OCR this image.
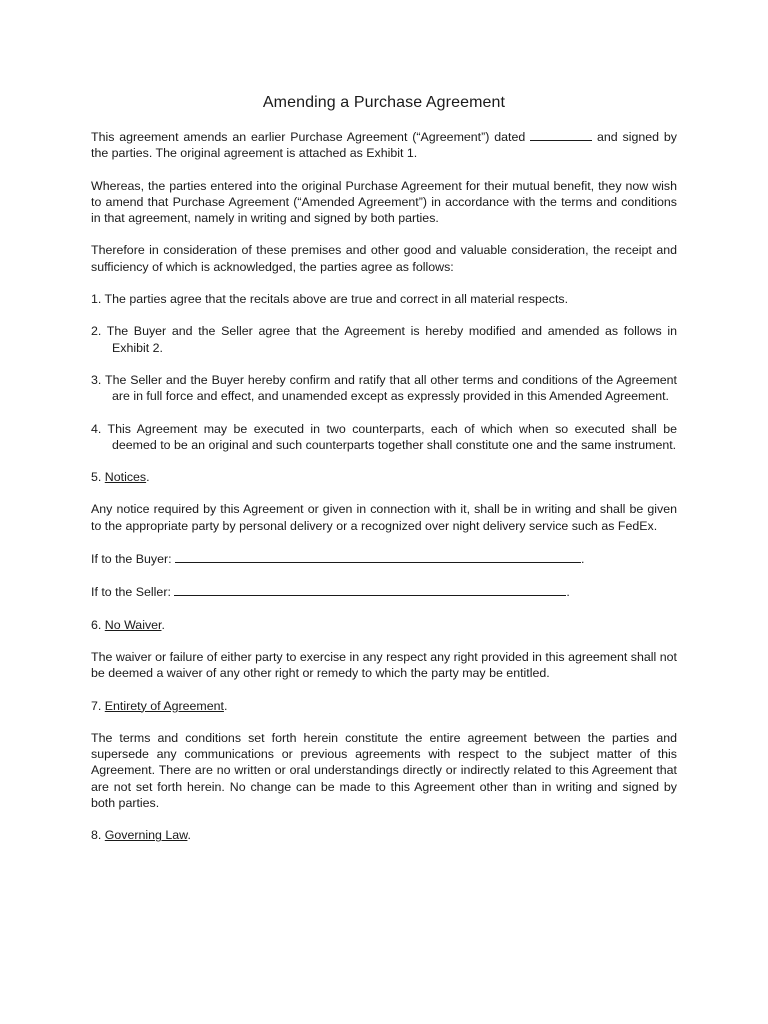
Amending a Purchase Agreement

This agreement amends an earlier Purchase Agreement (“Agreement”) dated	and signed by the parties. The original agreement is attached as Exhibit 1.

Whereas, the parties entered into the original Purchase Agreement for their mutual benefit, they now wish to amend that Purchase Agreement (“Amended Agreement”) in accordance with the terms and conditions in that agreement, namely in writing and signed by both parties.

Therefore in consideration of these premises and other good and valuable consideration, the receipt and sufficiency of which is acknowledged, the parties agree as follows:

1. The parties agree that the recitals above are true and correct in all material respects.

2. The Buyer and the Seller agree that the Agreement is hereby modified and amended as follows in Exhibit 2.

3. The Seller and the Buyer hereby confirm and ratify that all other terms and conditions of the Agreement are in full force and effect, and unamended except as expressly provided in this Amended Agreement.

4. This Agreement may be executed in two counterparts, each of which when so executed shall be deemed to be an original and such counterparts together shall constitute one and the same instrument.

5. Notices.

Any notice required by this Agreement or given in connection with it, shall be in writing and shall be given to the appropriate party by personal delivery or a recognized over night delivery service such as FedEx.

If to the Buyer:	.

If to the Seller:	.

6. No Waiver.

The waiver or failure of either party to exercise in any respect any right provided in this agreement shall not be deemed a waiver of any other right or remedy to which the party may be entitled.

7. Entirety of Agreement.

The terms and conditions set forth herein constitute the entire agreement between the parties and supersede any communications or previous agreements with respect to the subject matter of this Agreement. There are no written or oral understandings directly or indirectly related to this Agreement that are not set forth herein. No change can be made to this Agreement other than in writing and signed by both parties.

8. Governing Law.
